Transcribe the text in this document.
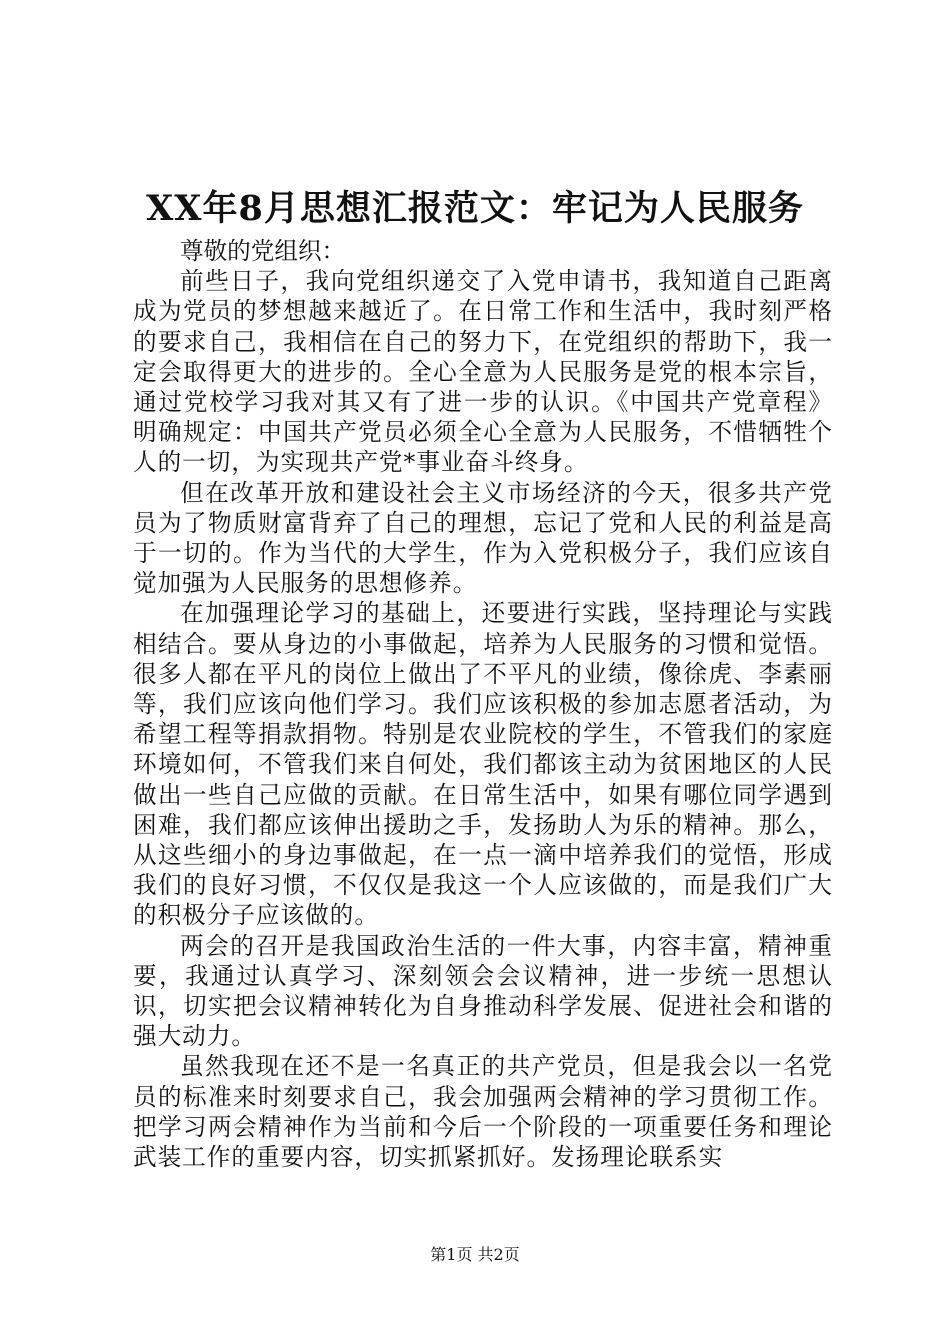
XX年8月思想汇报范文：牢记为人民服务

尊敬的党组织：

前些日子，我向党组织递交了入党申请书，我知道自己距离成为党员的梦想越来越近了。在日常工作和生活中，我时刻严格的要求自己，我相信在自己的努力下，在党组织的帮助下，我一定会取得更大的进步的。全心全意为人民服务是党的根本宗旨，通过党校学习我对其又有了进一步的认识。《中国共产党章程》明确规定：中国共产党员必须全心全意为人民服务，不惜牺牲个人的一切，为实现共产党*事业奋斗终身。

但在改革开放和建设社会主义市场经济的今天，很多共产党员为了物质财富背弃了自己的理想，忘记了党和人民的利益是高于一切的。作为当代的大学生，作为入党积极分子，我们应该自觉加强为人民服务的思想修养。

在加强理论学习的基础上，还要进行实践，坚持理论与实践相结合。要从身边的小事做起，培养为人民服务的习惯和觉悟。很多人都在平凡的岗位上做出了不平凡的业绩，像徐虎、李素丽等，我们应该向他们学习。我们应该积极的参加志愿者活动，为希望工程等捐款捐物。特别是农业院校的学生，不管我们的家庭环境如何，不管我们来自何处，我们都该主动为贫困地区的人民做出一些自己应做的贡献。在日常生活中，如果有哪位同学遇到困难，我们都应该伸出援助之手，发扬助人为乐的精神。那么，从这些细小的身边事做起，在一点一滴中培养我们的觉悟，形成我们的良好习惯，不仅仅是我这一个人应该做的，而是我们广大的积极分子应该做的。

两会的召开是我国政治生活的一件大事，内容丰富，精神重要，我通过认真学习、深刻领会会议精神，进一步统一思想认识，切实把会议精神转化为自身推动科学发展、促进社会和谐的强大动力。

虽然我现在还不是一名真正的共产党员，但是我会以一名党员的标准来时刻要求自己，我会加强两会精神的学习贯彻工作。把学习两会精神作为当前和今后一个阶段的一项重要任务和理论武装工作的重要内容，切实抓紧抓好。发扬理论联系实

第1页 共2页
